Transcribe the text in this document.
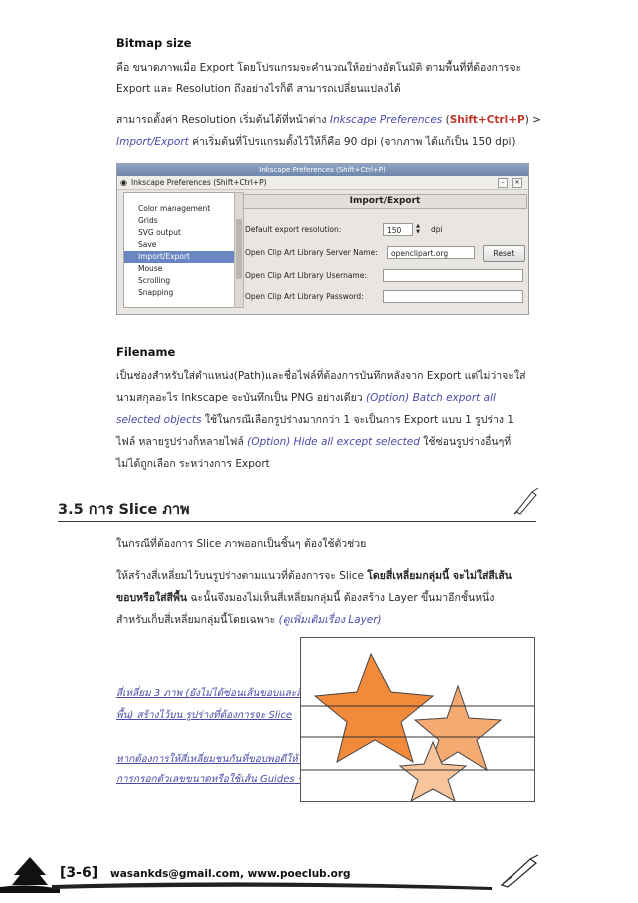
Bitmap size
คือ ขนาดภาพเมื่อ Export โดยโปรแกรมจะคำนวณให้อย่างอัตโนมัติ ตามพื้นที่ที่ต้องการจะ
Export และ Resolution ถึงอย่างไรก็ดี สามารถเปลี่ยนแปลงได้
สามารถตั้งค่า Resolution เริ่มต้นได้ที่หน้าต่าง Inkscape Preferences (Shift+Ctrl+P) >
Import/Export ค่าเริ่มต้นที่โปรแกรมตั้งไว้ให้ก็คือ 90 dpi (จากภาพ ได้แก้เป็น 150 dpi)
Inkscape Preferences (Shift+Ctrl+P)
◉ Inkscape Preferences (Shift+Ctrl+P)	–	✕
Color management
Grids
SVG output
Save
Import/Export
Mouse
Scrolling
Snapping
Import/Export
Default export resolution:	150	▲
▼ dpi
Open Clip Art Library Server Name:	openclipart.org	Reset
Open Clip Art Library Username:
Open Clip Art Library Password:
Filename
เป็นช่องสำหรับใส่ตำแหน่ง(Path)และชื่อไฟล์ที่ต้องการบันทึกหลังจาก Export แต่ไม่ว่าจะใส่
นามสกุลอะไร Inkscape จะบันทึกเป็น PNG อย่างเดียว (Option) Batch export all
selected objects ใช้ในกรณีเลือกรูปร่างมากกว่า 1 จะเป็นการ Export แบบ 1 รูปร่าง 1
ไฟล์ หลายรูปร่างก็หลายไฟล์ (Option) Hide all except selected ใช้ซ่อนรูปร่างอื่นๆที่
ไม่ได้ถูกเลือก ระหว่างการ Export
3.5 การ Slice ภาพ
ในกรณีที่ต้องการ Slice ภาพออกเป็นชิ้นๆ ต้องใช้ตัวช่วย
ให้สร้างสี่เหลี่ยมไว้บนรูปร่างตามแนวที่ต้องการจะ Slice โดยสี่เหลี่ยมกลุ่มนี้ จะไม่ใส่สีเส้น
ขอบหรือใส่สีพื้น ฉะนั้นจึงมองไม่เห็นสี่เหลี่ยมกลุ่มนี้ ต้องสร้าง Layer ขึ้นมาอีกชั้นหนึ่ง
สำหรับเก็บสี่เหลี่ยมกลุ่มนี้โดยเฉพาะ (ดูเพิ่มเติมเรื่อง Layer)
สี่เหลี่ยม 3 ภาพ (ยังไม่ได้ซ่อนเส้นขอบและสี
พื้น) สร้างไว้บน รูปร่างที่ต้องการจะ Slice
หากต้องการให้สี่เหลี่ยมชนกันที่ขอบพอดีให้ใช้
การกรอกตัวเลขขนาดหรือใช้เส้น Guides ช่วย
[3-6] wasankds@gmail.com, www.poeclub.org
